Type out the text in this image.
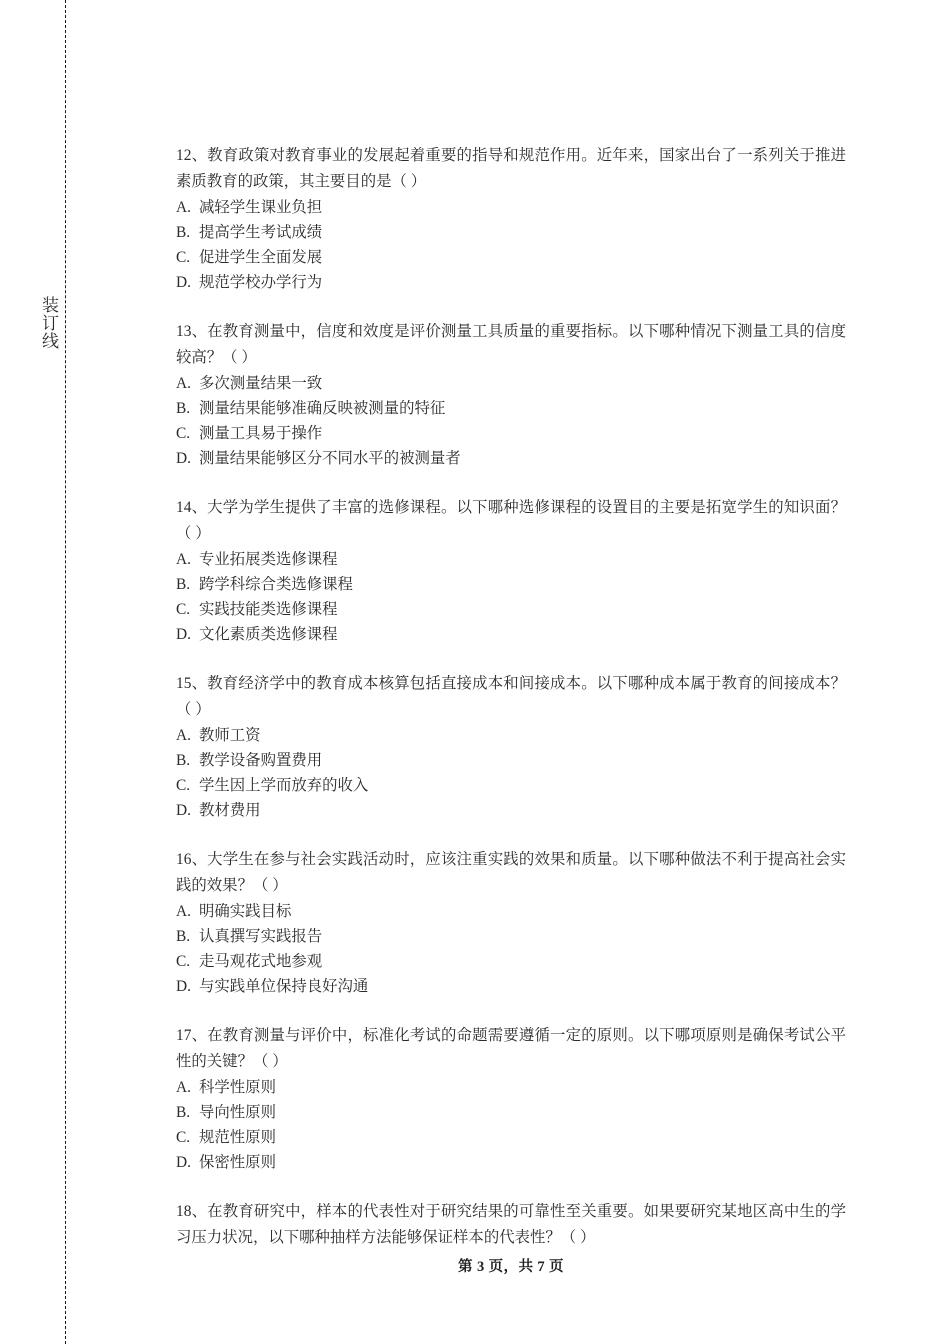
装订线

12、教育政策对教育事业的发展起着重要的指导和规范作用。近年来，国家出台了一系列关于推进素质教育的政策，其主要目的是（ ）

A. 减轻学生课业负担
B. 提高学生考试成绩
C. 促进学生全面发展
D. 规范学校办学行为

13、在教育测量中，信度和效度是评价测量工具质量的重要指标。以下哪种情况下测量工具的信度较高？（ ）

A. 多次测量结果一致
B. 测量结果能够准确反映被测量的特征
C. 测量工具易于操作
D. 测量结果能够区分不同水平的被测量者

14、大学为学生提供了丰富的选修课程。以下哪种选修课程的设置目的主要是拓宽学生的知识面？（ ）

A. 专业拓展类选修课程
B. 跨学科综合类选修课程
C. 实践技能类选修课程
D. 文化素质类选修课程

15、教育经济学中的教育成本核算包括直接成本和间接成本。以下哪种成本属于教育的间接成本？（ ）

A. 教师工资
B. 教学设备购置费用
C. 学生因上学而放弃的收入
D. 教材费用

16、大学生在参与社会实践活动时，应该注重实践的效果和质量。以下哪种做法不利于提高社会实践的效果？（ ）

A. 明确实践目标
B. 认真撰写实践报告
C. 走马观花式地参观
D. 与实践单位保持良好沟通

17、在教育测量与评价中，标准化考试的命题需要遵循一定的原则。以下哪项原则是确保考试公平性的关键？（ ）

A. 科学性原则
B. 导向性原则
C. 规范性原则
D. 保密性原则

18、在教育研究中，样本的代表性对于研究结果的可靠性至关重要。如果要研究某地区高中生的学习压力状况，以下哪种抽样方法能够保证样本的代表性？（ ）

第 3 页，共 7 页
